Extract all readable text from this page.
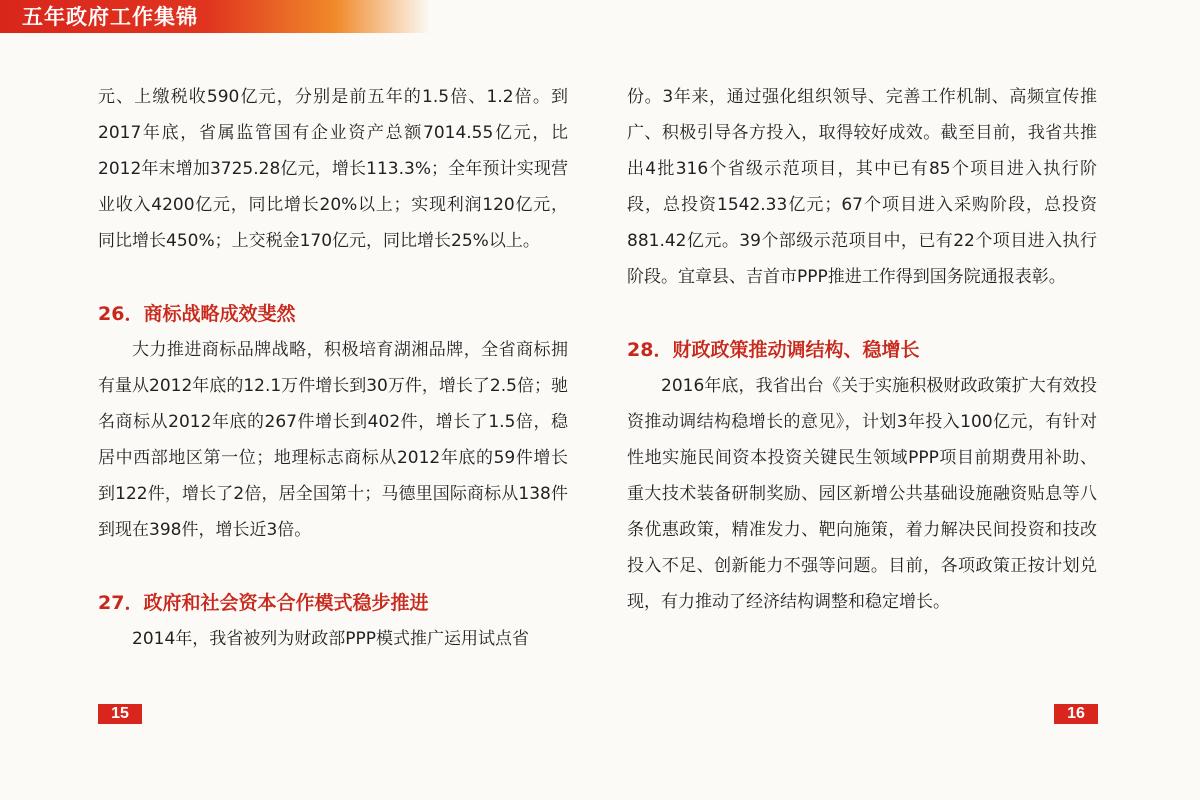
五年政府工作集锦

元、上缴税收590亿元，分别是前五年的1.5倍、1.2倍。到2017年底，省属监管国有企业资产总额7014.55亿元，比2012年末增加3725.28亿元，增长113.3%；全年预计实现营业收入4200亿元，同比增长20%以上；实现利润120亿元，同比增长450%；上交税金170亿元，同比增长25%以上。

26．商标战略成效斐然

大力推进商标品牌战略，积极培育湖湘品牌，全省商标拥有量从2012年底的12.1万件增长到30万件，增长了2.5倍；驰名商标从2012年底的267件增长到402件，增长了1.5倍，稳居中西部地区第一位；地理标志商标从2012年底的59件增长到122件，增长了2倍，居全国第十；马德里国际商标从138件到现在398件，增长近3倍。

27．政府和社会资本合作模式稳步推进

2014年，我省被列为财政部PPP模式推广运用试点省

份。3年来，通过强化组织领导、完善工作机制、高频宣传推广、积极引导各方投入，取得较好成效。截至目前，我省共推出4批316个省级示范项目，其中已有85个项目进入执行阶段，总投资1542.33亿元；67个项目进入采购阶段，总投资881.42亿元。39个部级示范项目中，已有22个项目进入执行阶段。宜章县、吉首市PPP推进工作得到国务院通报表彰。

28．财政政策推动调结构、稳增长

2016年底，我省出台《关于实施积极财政政策扩大有效投资推动调结构稳增长的意见》，计划3年投入100亿元，有针对性地实施民间资本投资关键民生领域PPP项目前期费用补助、重大技术装备研制奖励、园区新增公共基础设施融资贴息等八条优惠政策，精准发力、靶向施策，着力解决民间投资和技改投入不足、创新能力不强等问题。目前，各项政策正按计划兑现，有力推动了经济结构调整和稳定增长。

15	16
